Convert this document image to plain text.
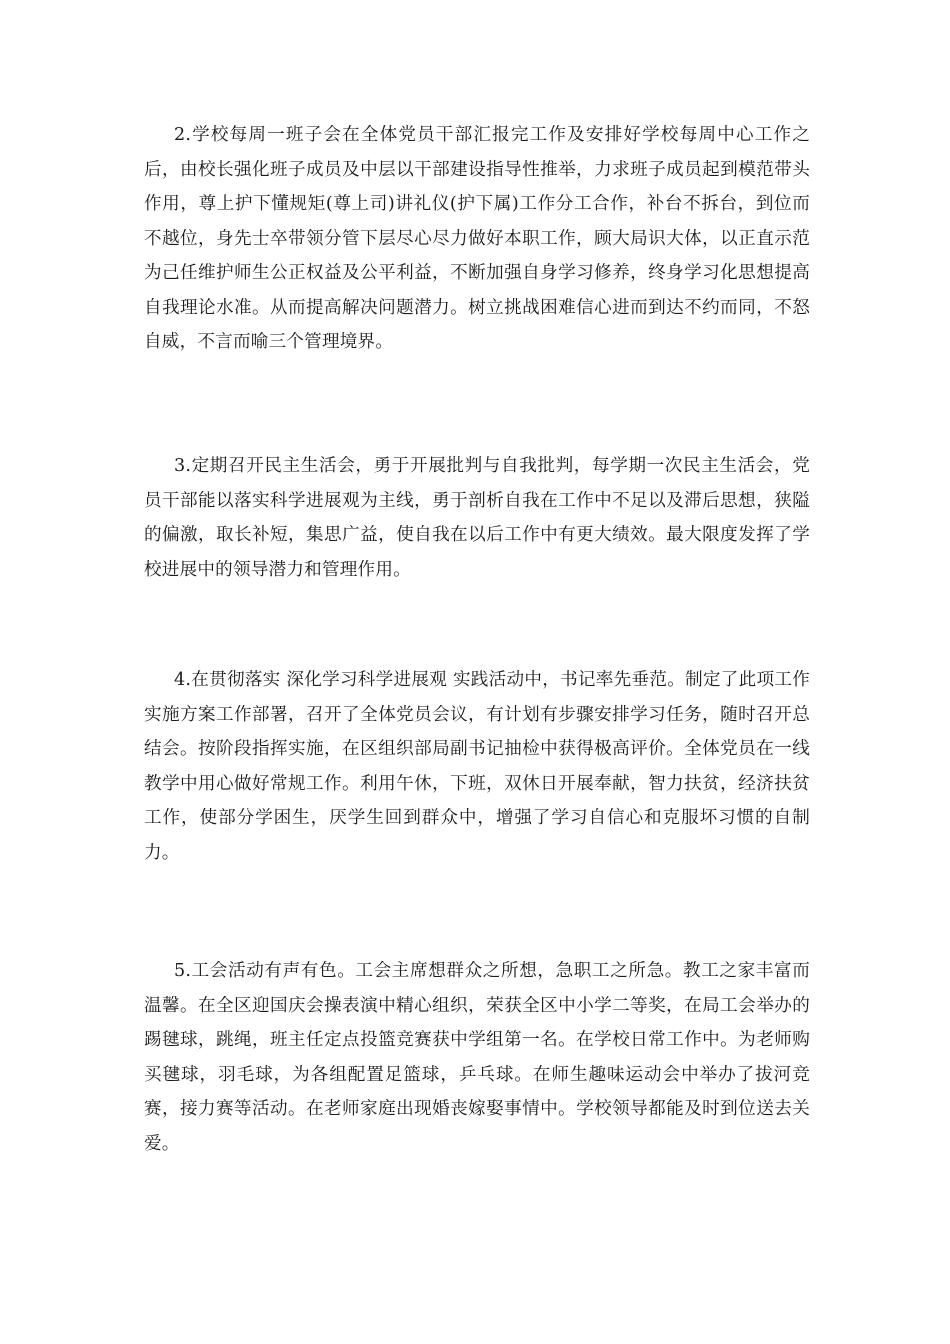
2.学校每周一班子会在全体党员干部汇报完工作及安排好学校每周中心工作之后，由校长强化班子成员及中层以干部建设指导性推举，力求班子成员起到模范带头作用，尊上护下懂规矩(尊上司)讲礼仪(护下属)工作分工合作，补台不拆台，到位而不越位，身先士卒带领分管下层尽心尽力做好本职工作，顾大局识大体，以正直示范为己任维护师生公正权益及公平利益，不断加强自身学习修养，终身学习化思想提高自我理论水准。从而提高解决问题潜力。树立挑战困难信心进而到达不约而同，不怒自威，不言而喻三个管理境界。

3.定期召开民主生活会，勇于开展批判与自我批判，每学期一次民主生活会，党员干部能以落实科学进展观为主线，勇于剖析自我在工作中不足以及滞后思想，狭隘的偏激，取长补短，集思广益，使自我在以后工作中有更大绩效。最大限度发挥了学校进展中的领导潜力和管理作用。

4.在贯彻落实 深化学习科学进展观 实践活动中，书记率先垂范。制定了此项工作实施方案工作部署，召开了全体党员会议，有计划有步骤安排学习任务，随时召开总结会。按阶段指挥实施，在区组织部局副书记抽检中获得极高评价。全体党员在一线教学中用心做好常规工作。利用午休，下班，双休日开展奉献，智力扶贫，经济扶贫工作，使部分学困生，厌学生回到群众中，增强了学习自信心和克服坏习惯的自制力。

5.工会活动有声有色。工会主席想群众之所想，急职工之所急。教工之家丰富而温馨。在全区迎国庆会操表演中精心组织，荣获全区中小学二等奖，在局工会举办的踢毽球，跳绳，班主任定点投篮竞赛获中学组第一名。在学校日常工作中。为老师购买毽球，羽毛球，为各组配置足篮球，乒乓球。在师生趣味运动会中举办了拔河竞赛，接力赛等活动。在老师家庭出现婚丧嫁娶事情中。学校领导都能及时到位送去关爱。
